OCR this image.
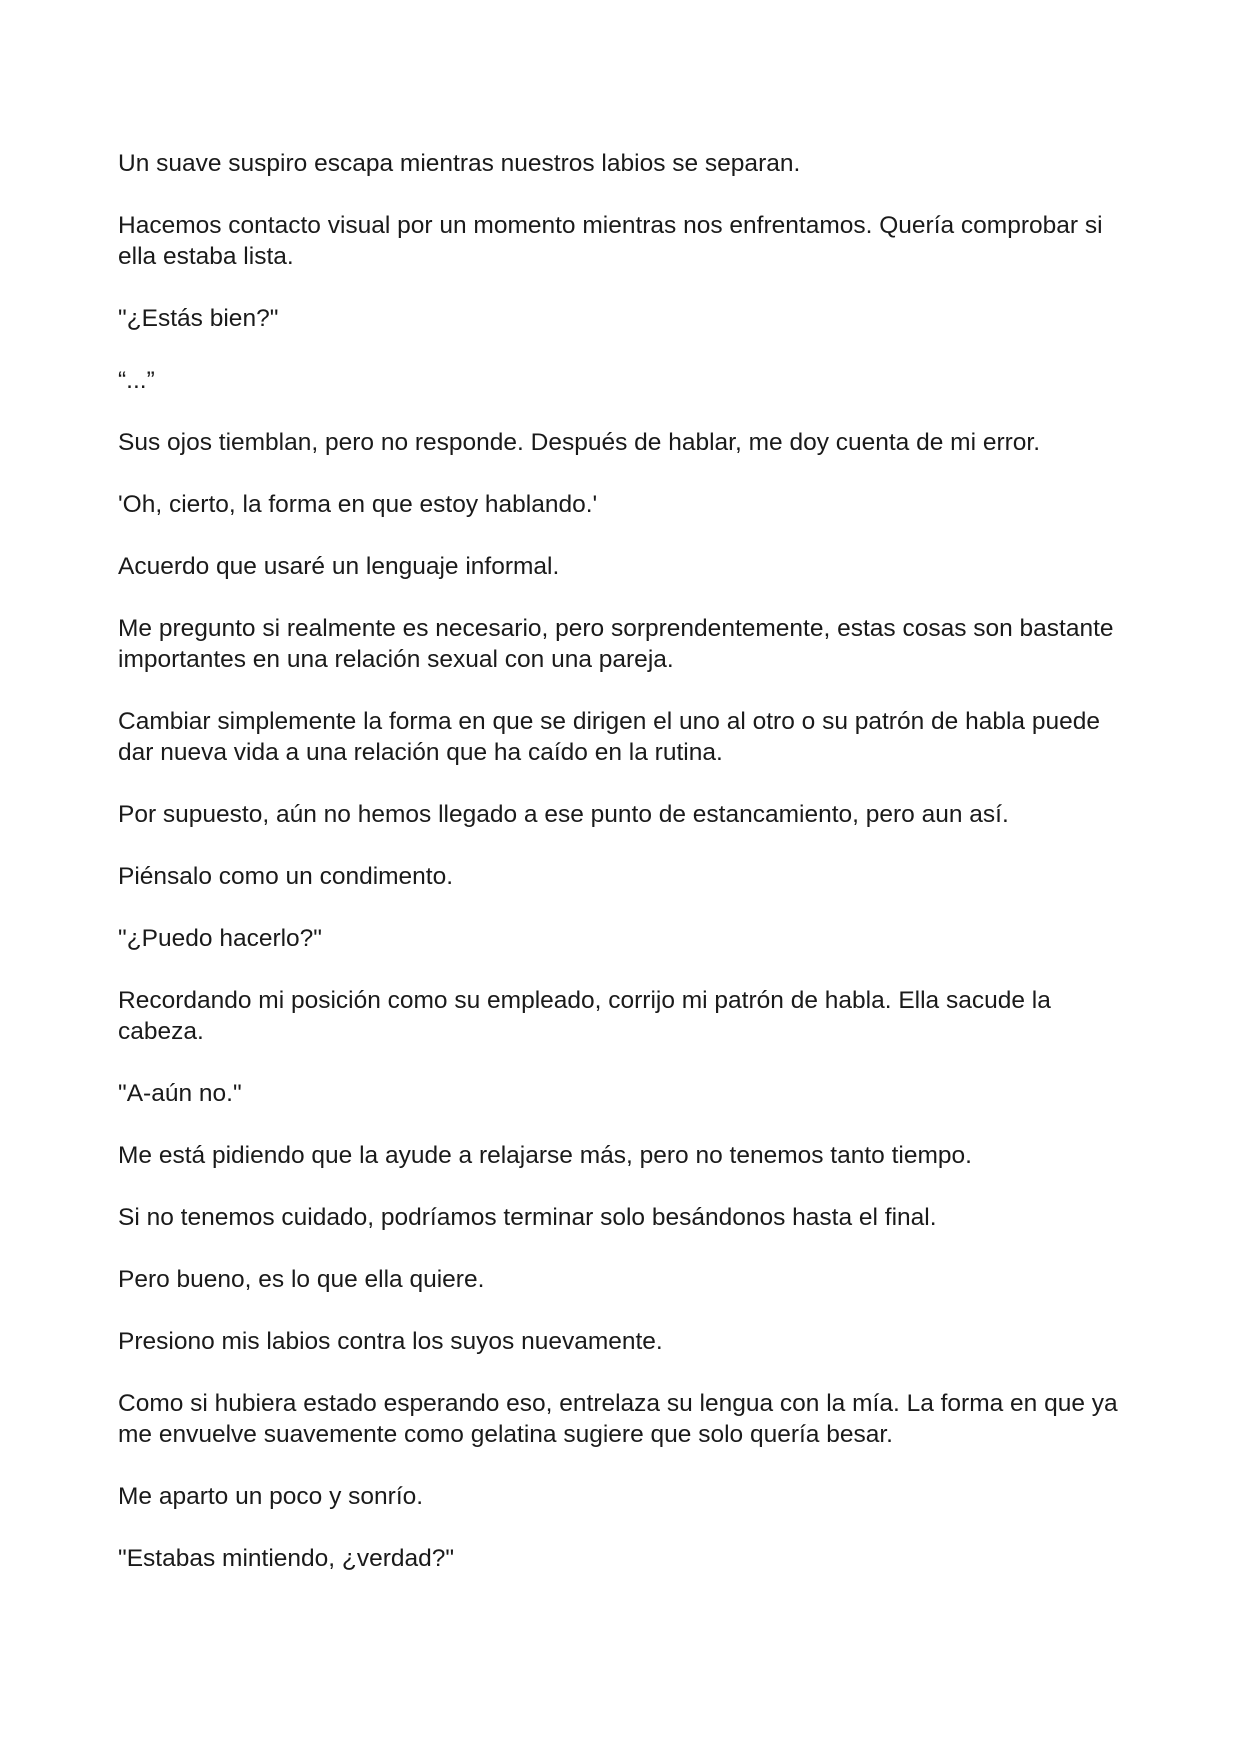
Un suave suspiro escapa mientras nuestros labios se separan.

Hacemos contacto visual por un momento mientras nos enfrentamos. Quería comprobar si ella estaba lista.

"¿Estás bien?"

“...”

Sus ojos tiemblan, pero no responde. Después de hablar, me doy cuenta de mi error.

'Oh, cierto, la forma en que estoy hablando.'

Acuerdo que usaré un lenguaje informal.

Me pregunto si realmente es necesario, pero sorprendentemente, estas cosas son bastante importantes en una relación sexual con una pareja.

Cambiar simplemente la forma en que se dirigen el uno al otro o su patrón de habla puede dar nueva vida a una relación que ha caído en la rutina.

Por supuesto, aún no hemos llegado a ese punto de estancamiento, pero aun así.

Piénsalo como un condimento.

"¿Puedo hacerlo?"

Recordando mi posición como su empleado, corrijo mi patrón de habla. Ella sacude la cabeza.

"A-aún no."

Me está pidiendo que la ayude a relajarse más, pero no tenemos tanto tiempo.

Si no tenemos cuidado, podríamos terminar solo besándonos hasta el final.

Pero bueno, es lo que ella quiere.

Presiono mis labios contra los suyos nuevamente.

Como si hubiera estado esperando eso, entrelaza su lengua con la mía. La forma en que ya me envuelve suavemente como gelatina sugiere que solo quería besar.

Me aparto un poco y sonrío.

"Estabas mintiendo, ¿verdad?"
